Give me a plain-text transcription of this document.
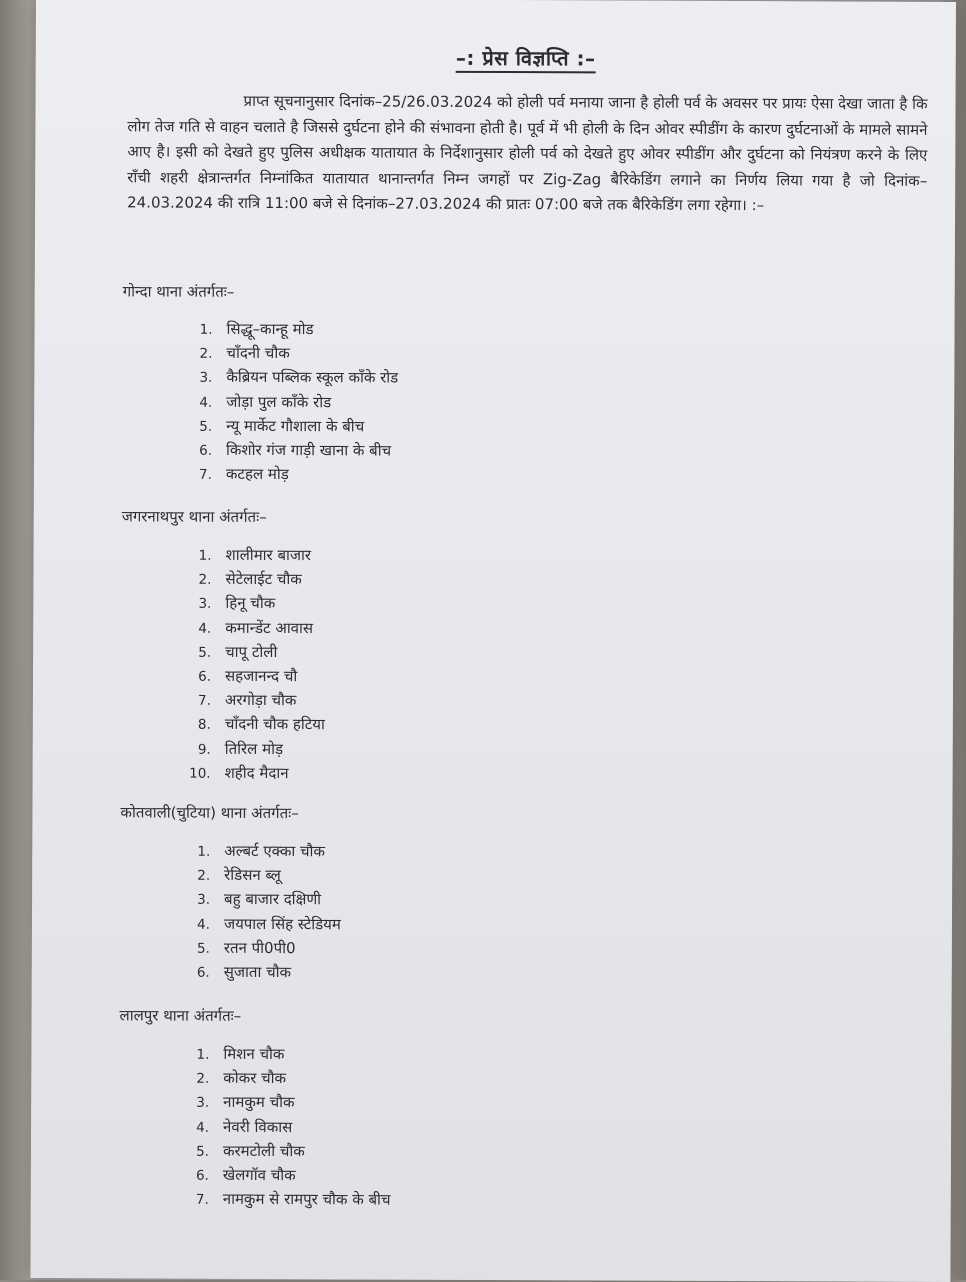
–: प्रेस विज्ञप्ति :–

प्राप्त सूचनानुसार दिनांक–25/26.03.2024 को होली पर्व मनाया जाना है होली पर्व के अवसर पर प्रायः ऐसा देखा जाता है कि लोग तेज गति से वाहन चलाते है जिससे दुर्घटना होने की संभावना होती है। पूर्व में भी होली के दिन ओवर स्पीडींग के कारण दुर्घटनाओं के मामले सामने आए है। इसी को देखते हुए पुलिस अधीक्षक यातायात के निर्देशानुसार होली पर्व को देखते हुए ओवर स्पीडींग और दुर्घटना को नियंत्रण करने के लिए राँची शहरी क्षेत्रान्तर्गत निम्नांकित यातायात थानान्तर्गत निम्न जगहों पर Zig-Zag बैरिकेडिंग लगाने का निर्णय लिया गया है जो दिनांक–24.03.2024 की रात्रि 11:00 बजे से दिनांक–27.03.2024 की प्रातः 07:00 बजे तक बैरिकेडिंग लगा रहेगा। :–

गोन्दा थाना अंतर्गतः–

1. सिद्धू–कान्हू मोड
2. चाँदनी चौक
3. कैब्रियन पब्लिक स्कूल काँके रोड
4. जोड़ा पुल काँके रोड
5. न्यू मार्केट गौशाला के बीच
6. किशोर गंज गाड़ी खाना के बीच
7. कटहल मोड़

जगरनाथपुर थाना अंतर्गतः–

1. शालीमार बाजार
2. सेटेलाईट चौक
3. हिनू चौक
4. कमान्डेंट आवास
5. चापू टोली
6. सहजानन्द चौ
7. अरगोड़ा चौक
8. चाँदनी चौक हटिया
9. तिरिल मोड़
10. शहीद मैदान

कोतवाली(चुटिया) थाना अंतर्गतः–

1. अल्बर्ट एक्का चौक
2. रेडिसन ब्लू
3. बहु बाजार दक्षिणी
4. जयपाल सिंह स्टेडियम
5. रतन पी0पी0
6. सुजाता चौक

लालपुर थाना अंतर्गतः–

1. मिशन चौक
2. कोकर चौक
3. नामकुम चौक
4. नेवरी विकास
5. करमटोली चौक
6. खेलगॉव चौक
7. नामकुम से रामपुर चौक के बीच
